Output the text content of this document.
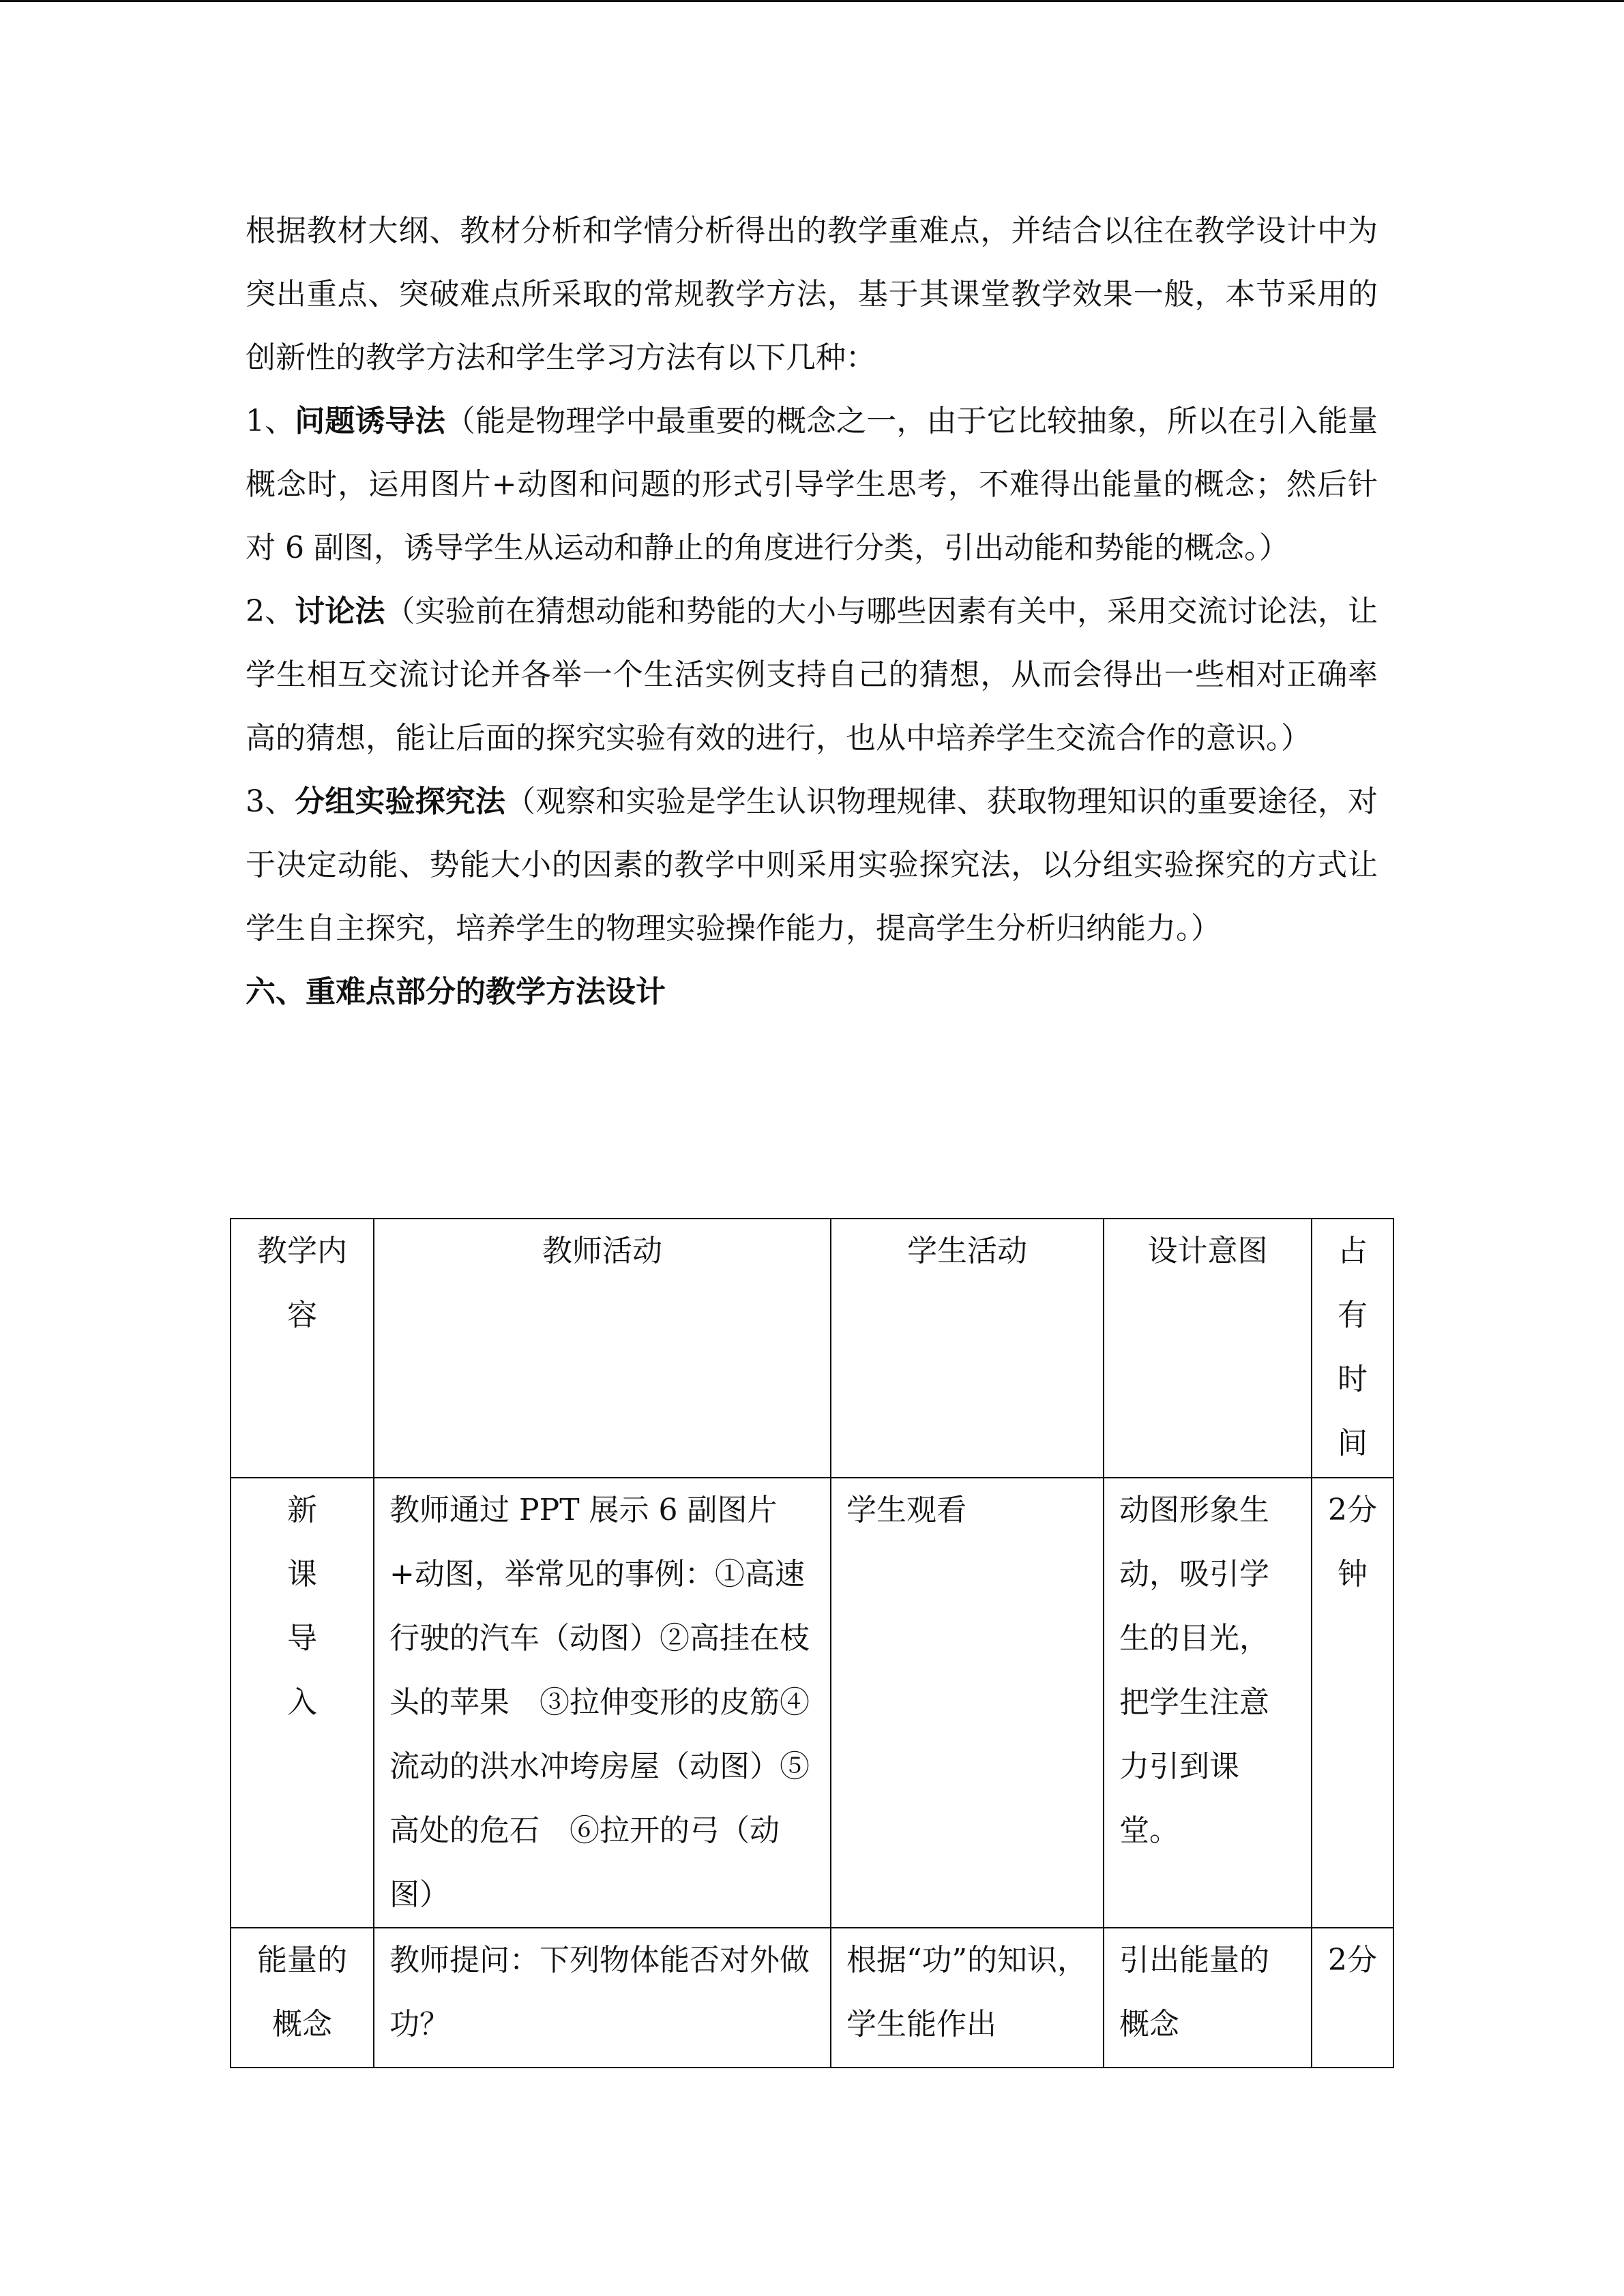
根据教材大纲、教材分析和学情分析得出的教学重难点，并结合以往在教学设计中为突出重点、突破难点所采取的常规教学方法，基于其课堂教学效果一般，本节采用的创新性的教学方法和学生学习方法有以下几种：

1、问题诱导法（能是物理学中最重要的概念之一，由于它比较抽象，所以在引入能量概念时，运用图片+动图和问题的形式引导学生思考，不难得出能量的概念；然后针对 6 副图，诱导学生从运动和静止的角度进行分类，引出动能和势能的概念。）

2、讨论法（实验前在猜想动能和势能的大小与哪些因素有关中，采用交流讨论法，让学生相互交流讨论并各举一个生活实例支持自己的猜想，从而会得出一些相对正确率高的猜想，能让后面的探究实验有效的进行，也从中培养学生交流合作的意识。）

3、分组实验探究法（观察和实验是学生认识物理规律、获取物理知识的重要途径，对于决定动能、势能大小的因素的教学中则采用实验探究法，以分组实验探究的方式让学生自主探究，培养学生的物理实验操作能力，提高学生分析归纳能力。）

六、重难点部分的教学方法设计

教学内容	教师活动	学生活动	设计意图	占有时间
新课导入	教师通过 PPT 展示 6 副图片+动图，举常见的事例：①高速行驶的汽车（动图）②高挂在枝头的苹果　③拉伸变形的皮筋④流动的洪水冲垮房屋（动图）⑤高处的危石　⑥拉开的弓（动图）	学生观看	动图形象生动，吸引学生的目光，把学生注意力引到课堂。	2分钟
能量的概念	教师提问：下列物体能否对外做功？	根据“功”的知识，学生能作出	引出能量的概念	2分
